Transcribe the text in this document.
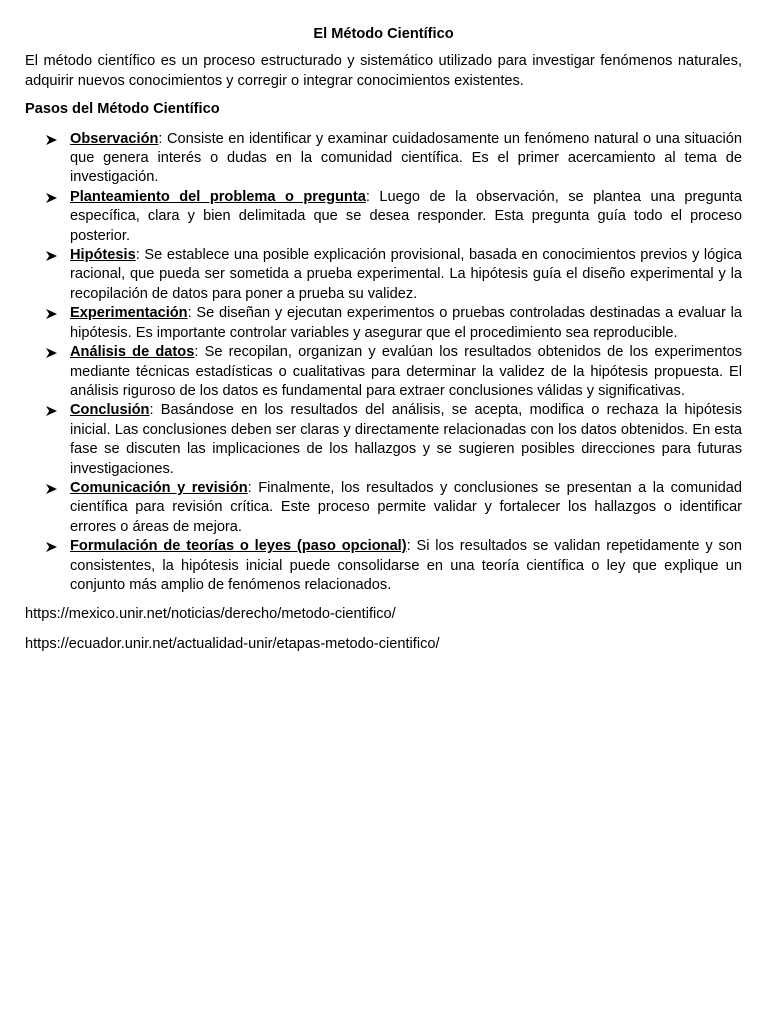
El Método Científico

El método científico es un proceso estructurado y sistemático utilizado para investigar fenómenos naturales, adquirir nuevos conocimientos y corregir o integrar conocimientos existentes.

Pasos del Método Científico
Observación: Consiste en identificar y examinar cuidadosamente un fenómeno natural o una situación que genera interés o dudas en la comunidad científica. Es el primer acercamiento al tema de investigación.
Planteamiento del problema o pregunta: Luego de la observación, se plantea una pregunta específica, clara y bien delimitada que se desea responder. Esta pregunta guía todo el proceso posterior.
Hipótesis: Se establece una posible explicación provisional, basada en conocimientos previos y lógica racional, que pueda ser sometida a prueba experimental. La hipótesis guía el diseño experimental y la recopilación de datos para poner a prueba su validez.
Experimentación: Se diseñan y ejecutan experimentos o pruebas controladas destinadas a evaluar la hipótesis. Es importante controlar variables y asegurar que el procedimiento sea reproducible.
Análisis de datos: Se recopilan, organizan y evalúan los resultados obtenidos de los experimentos mediante técnicas estadísticas o cualitativas para determinar la validez de la hipótesis propuesta. El análisis riguroso de los datos es fundamental para extraer conclusiones válidas y significativas.
Conclusión: Basándose en los resultados del análisis, se acepta, modifica o rechaza la hipótesis inicial. Las conclusiones deben ser claras y directamente relacionadas con los datos obtenidos. En esta fase se discuten las implicaciones de los hallazgos y se sugieren posibles direcciones para futuras investigaciones.
Comunicación y revisión: Finalmente, los resultados y conclusiones se presentan a la comunidad científica para revisión crítica. Este proceso permite validar y fortalecer los hallazgos o identificar errores o áreas de mejora.
Formulación de teorías o leyes (paso opcional): Si los resultados se validan repetidamente y son consistentes, la hipótesis inicial puede consolidarse en una teoría científica o ley que explique un conjunto más amplio de fenómenos relacionados.
https://mexico.unir.net/noticias/derecho/metodo-cientifico/
https://ecuador.unir.net/actualidad-unir/etapas-metodo-cientifico/
